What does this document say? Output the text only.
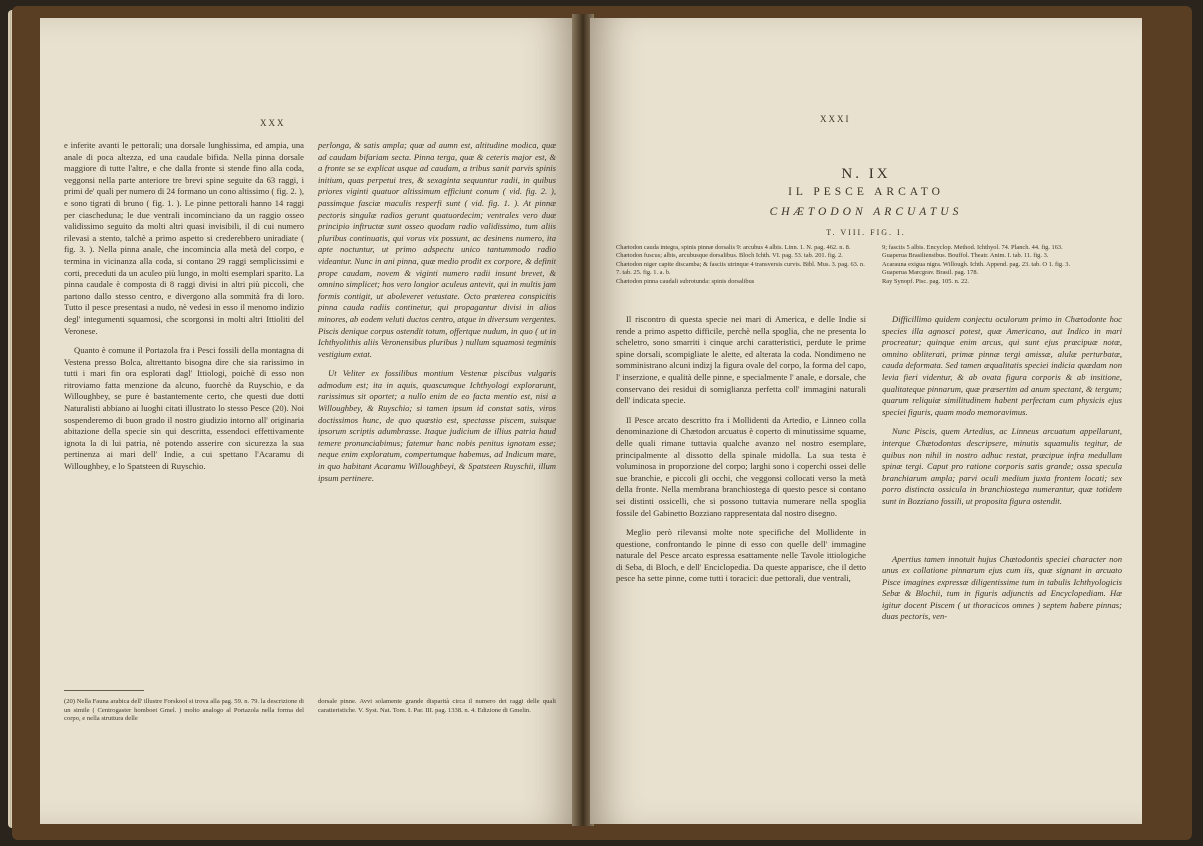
XXX

e inferite avanti le pettorali; una dorsale lunghissima, ed ampia, una anale di poca altezza, ed una caudale bifida. Nella pinna dorsale maggiore di tutte l'altre, e che dalla fronte si stende fino alla coda, veggonsi nella parte anteriore tre brevi spine seguite da 63 raggi, i primi de' quali per numero di 24 formano un cono altissimo ( fig. 2. ), e sono tigrati di bruno ( fig. 1. ). Le pinne pettorali hanno 14 raggi per ciascheduna; le due ventrali incominciano da un raggio osseo validissimo seguito da molti altri quasi invisibili, il di cui numero rilevasi a stento, talchè a primo aspetto si crederebbero uniradiate ( fig. 3. ). Nella pinna anale, che incomincia alla metà del corpo, e termina in vicinanza alla coda, si contano 29 raggi semplicissimi e corti, preceduti da un aculeo più lungo, in molti esemplari sparito. La pinna caudale è composta di 8 raggi divisi in altri più piccoli, che partono dallo stesso centro, e divergono alla sommità fra di loro. Tutto il pesce presentasi a nudo, nè vedesi in esso il menomo indizio degl' integumenti squamosi, che scorgonsi in molti altri Ittioliti del Veronese.

Quanto è comune il Portazola fra i Pesci fossili della montagna di Vestena presso Bolca, altrettanto bisogna dire che sia rarissimo in tutti i mari fin ora esplorati dagl' Ittiologi, poichè di esso non ritroviamo fatta menzione da alcuno, fuorchè da Ruyschio, e da Willoughbey, se pure è bastantemente certo, che questi due dotti Naturalisti abbiano ai luoghi citati illustrato lo stesso Pesce (20). Noi sospenderemo di buon grado il nostro giudizio intorno all' originaria abitazione della specie sin qui descritta, essendoci effettivamente ignota la di lui patria, nè potendo asserire con sicurezza la sua pertinenza ai mari dell' Indie, a cui spettano l'Acaramu di Willoughbey, e lo Spatsteen di Ruyschio.

perlonga, & satis ampla; quæ ad aumn est, altitudine modica, quæ ad caudam bifariam secta. Pinna terga, quæ & ceteris major est, & a fronte se se explicat usque ad caudam, a tribus sanit parvis spinis initium, quas perpetui tres, & sexaginta sequuntur radii, in quibus priores viginti quatuor altissimum efficiunt conum ( vid. fig. 2. ), passimque fasciæ maculis resperfi sunt ( vid. fig. 1. ). At pinnæ pectoris singulæ radios gerunt quatuordecim; ventrales vero duæ principio inftructæ sunt osseo quodam radio validissimo, tum aliis pluribus continuatis, qui vorus vix possunt, ac desinens numero, ita apte noctuntur, ut primo adspectu unico tantummodo radio videantur. Nunc in ani pinna, quæ medio prodit ex corpore, & definit prope caudam, novem & viginti numero radii insunt brevet, & omnino simplicet; hos vero longior aculeus antevit, qui in multis jam formis contigit, ut aboleveret vetustate. Octo præterea conspicitis pinna cauda radiis continetur, qui propagantur divisi in alios minores, ab eodem veluti ductos centro, atque in diversum vergentes. Piscis denique corpus ostendit totum, offertque nudum, in quo ( ut in Ichthyolithis aliis Veronensibus pluribus ) nullum squamosi tegminis vestigium extat.

Ut Veliter ex fossilibus montium Vestenæ piscibus vulgaris admodum est; ita in aquis, quascumque Ichthyologi explorarunt, rarissimus sit oportet; a nullo enim de eo facta mentio est, nisi a Willoughbey, & Ruyschio; si tamen ipsum id constat satis, viros doctissimos hunc, de quo quæstio est, spectasse piscem, suisque ipsorum scriptis adumbrasse. Itaque judicium de illius patria haud temere pronunciabimus; fatemur hanc nobis penitus ignotam esse; neque enim exploratum, compertumque habemus, ad Indicum mare, in quo habitant Acaramu Willoughbeyi, & Spatsteen Ruyschii, illum ipsum pertinere.

(20) Nella Fauna arabica dell' illustre Forskool si trova alla pag. 59. n. 79. la descrizione di un simile ( Centrogaster homboet Gmel. ) molto analogo al Portazola nella forma del corpo, e nella struttura delle
dorsale pinne. Avvi solamente grande disparità circa il numero dei raggi delle quali caratteristiche. V. Syst. Nat. Tom. I. Par. III. pag. 1338. n. 4. Edizione di Gmelin.
XXXI
N. IX
IL PESCE ARCATO
CHÆTODON ARCUATUS
T. VIII. FIG. I.
Chætodon cauda integra, spinis pinnæ dorsalis 9: arcubus 4 albis. Linn. 1. N. pag. 462. n. 8.
Chætodon fuscus; albis, arcubusque dorsalibus. Bloch Ichth. VI. pag. 53. tab. 201. fig. 2.
Chætodon niger capite discamba; & fasciis utrinque 4 transversis curvis. Bibl. Mus. 3. pag. 63. n. 7. tab. 25. fig. 1. a. b.
Chætodon pinna caudali subrotunda: spinis dorsalibus
9; fasciis 5 albis. Encyclop. Method. Ichthyol. 74. Planch. 44. fig. 163.
Guaperua Brasiliensibus. Bouffol. Theatr. Anim. I. tab. 11. fig. 3.
Acarauna exigua nigra. Willough. Ichth. Append. pag. 23. tab. O 1. fig. 3.
Guaperua Marcgrav. Brasil. pag. 178.
Ray Synopf. Pisc. pag. 105. n. 22.

Il riscontro di questa specie nei mari di America, e delle Indie si rende a primo aspetto difficile, perchè nella spoglia, che ne presenta lo scheletro, sono smarriti i cinque archi caratteristici, perdute le prime spine dorsali, scompigliate le alette, ed alterata la coda. Nondimeno ne somministrano alcuni indizj la figura ovale del corpo, la forma del capo, l' inserzione, e qualità delle pinne, e specialmente l' anale, e dorsale, che conservano dei residui di somiglianza perfetta coll' immagini naturali dell' indicata specie.

Il Pesce arcato descritto fra i Mollidenti da Artedio, e Linneo colla denominazione di Chætodon arcuatus è coperto di minutissime squame, delle quali rimane tuttavia qualche avanzo nel nostro esemplare, principalmente al dissotto della spinale midolla. La sua testa è voluminosa in proporzione del corpo; larghi sono i coperchi ossei delle sue branchie, e piccoli gli occhi, che veggonsi collocati verso la metà della fronte. Nella membrana branchiostega di questo pesce si contano sei distinti ossicelli, che si possono tuttavia numerare nella spoglia fossile del Gabinetto Bozziano rappresentata dal nostro disegno.

Meglio però rilevansi molte note specifiche del Mollidente in questione, confrontando le pinne di esso con quelle dell' immagine naturale del Pesce arcato espressa esattamente nelle Tavole ittiologiche di Seba, di Bloch, e dell' Enciclopedia. Da queste apparisce, che il detto pesce ha sette pinne, come tutti i toracici: due pettorali, due ventrali,

Difficillimo quidem conjectu oculorum primo in Chætodonte hoc species illa agnosci potest, quæ Americano, aut Indico in mari procreatur; quinque enim arcus, qui sunt ejus præcipuæ notæ, omnino obliterati, primæ pinnæ tergi amissæ, alulæ perturbatæ, cauda deformata. Sed tamen æqualitatis speciei indicia quædam non levia fieri videntur, & ab ovata figura corporis & ab insitione, qualitateque pinnarum, quæ præsertim ad anum spectant, & tergum; quarum reliquiæ similitudinem habent perfectam cum physicis ejus speciei figuris, quam modo memoravimus.

Nunc Piscis, quem Artedius, ac Linneus arcuatum appellarunt, interque Chætodontas descripsere, minutis squamulis tegitur, de quibus non nihil in nostro adhuc restat, præcipue infra medullam spinæ tergi. Caput pro ratione corporis satis grande; ossa specula branchiarum ampla; parvi oculi medium juxta frontem locati; sex porro distincta ossicula in branchiostega numerantur, quæ totidem sunt in Bozziano fossili, ut proposita figura ostendit.

Apertius tamen innotuit hujus Chætodontis speciei character non unus ex collatione pinnarum ejus cum iis, quæ signant in arcuato Pisce imagines expressæ diligentissime tum in tabulis Ichthyologicis Sebæ & Blochii, tum in figuris adjunctis ad Encyclopediam. Hæ igitur docent Piscem ( ut thoracicos omnes ) septem habere pinnas; duas pectoris, ven-
